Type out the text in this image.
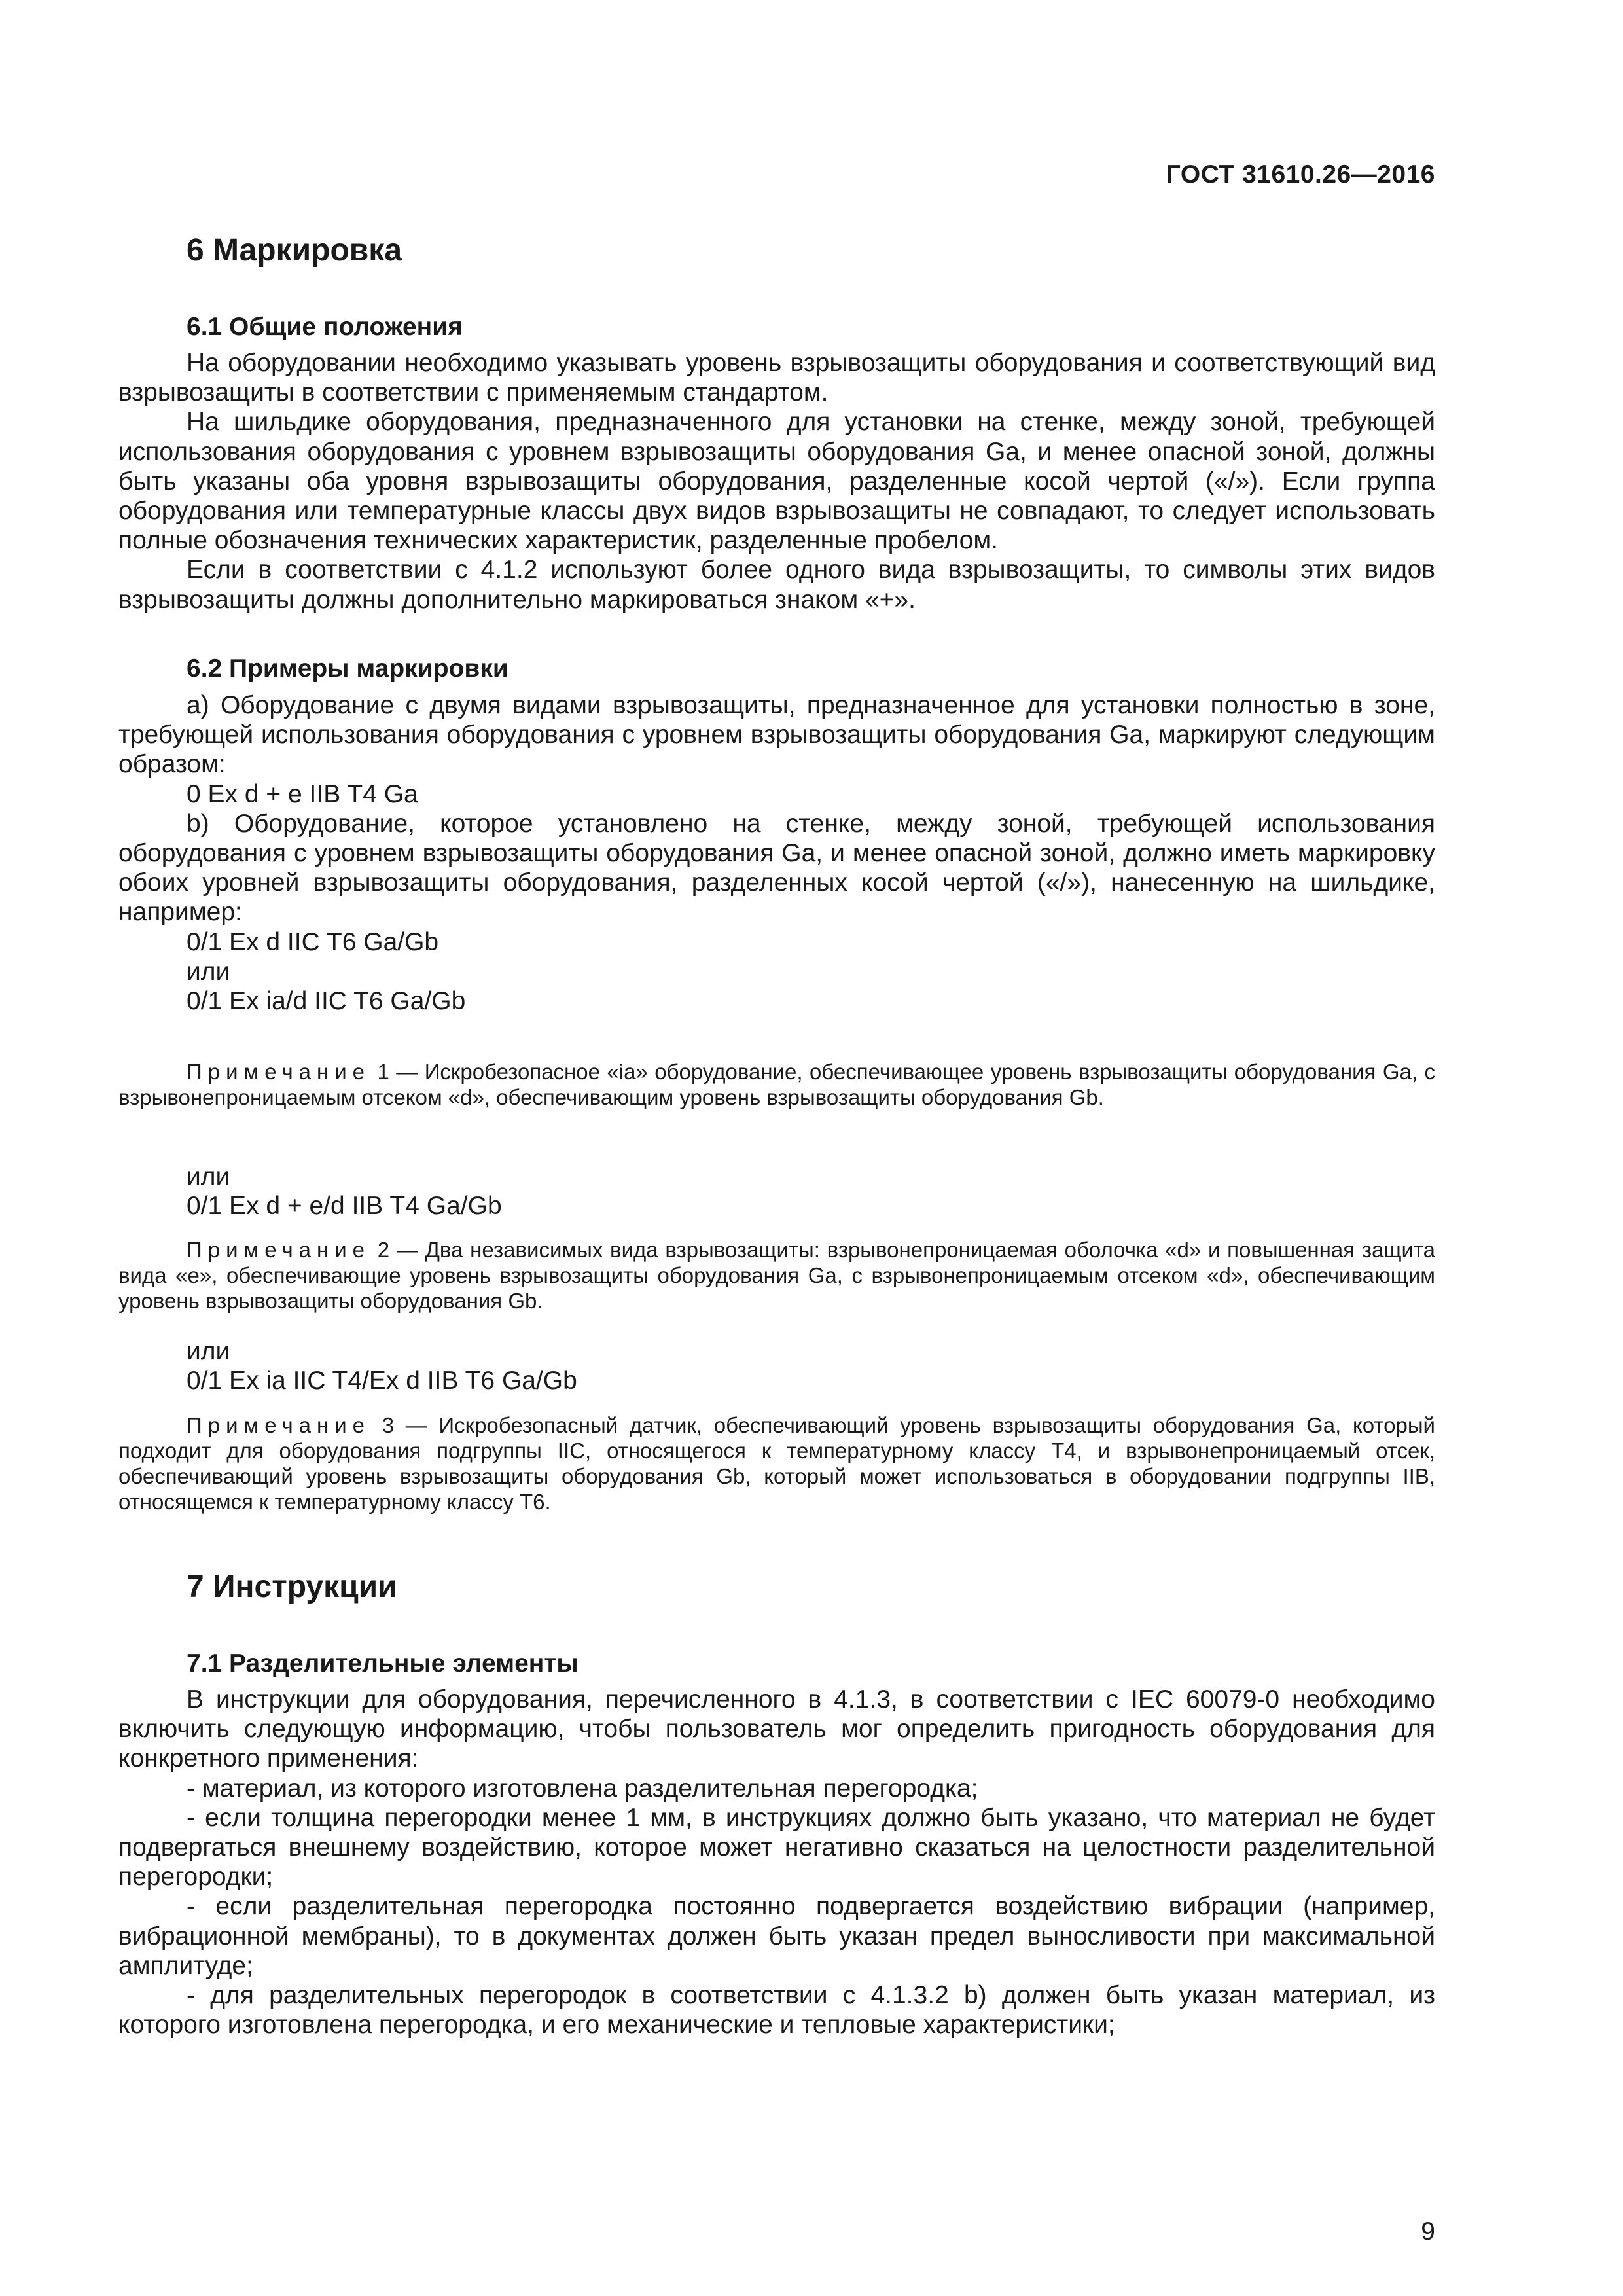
ГОСТ 31610.26—2016
6 Маркировка
6.1 Общие положения

На оборудовании необходимо указывать уровень взрывозащиты оборудования и соответствующий вид взрывозащиты в соответствии с применяемым стандартом.

На шильдике оборудования, предназначенного для установки на стенке, между зоной, требующей использования оборудования с уровнем взрывозащиты оборудования Ga, и менее опасной зоной, должны быть указаны оба уровня взрывозащиты оборудования, разделенные косой чертой («/»). Если группа оборудования или температурные классы двух видов взрывозащиты не совпадают, то следует использовать полные обозначения технических характеристик, разделенные пробелом.

Если в соответствии с 4.1.2 используют более одного вида взрывозащиты, то символы этих видов взрывозащиты должны дополнительно маркироваться знаком «+».

6.2 Примеры маркировки

а) Оборудование с двумя видами взрывозащиты, предназначенное для установки полностью в зоне, требующей использования оборудования с уровнем взрывозащиты оборудования Ga, маркируют следующим образом:

0 Ex d + e IIB T4 Ga

b) Оборудование, которое установлено на стенке, между зоной, требующей использования оборудования с уровнем взрывозащиты оборудования Ga, и менее опасной зоной, должно иметь маркировку обоих уровней взрывозащиты оборудования, разделенных косой чертой («/»), нанесенную на шильдике, например:

0/1 Ex d IIC T6 Ga/Gb

или

0/1 Ex ia/d IIC T6 Ga/Gb

Примечание 1 — Искробезопасное «ia» оборудование, обеспечивающее уровень взрывозащиты оборудования Ga, с взрывонепроницаемым отсеком «d», обеспечивающим уровень взрывозащиты оборудования Gb.

или

0/1 Ex d + e/d IIB T4 Ga/Gb

Примечание 2 — Два независимых вида взрывозащиты: взрывонепроницаемая оболочка «d» и повышенная защита вида «е», обеспечивающие уровень взрывозащиты оборудования Ga, с взрывонепроницаемым отсеком «d», обеспечивающим уровень взрывозащиты оборудования Gb.

или

0/1 Ex ia IIC T4/Ex d IIB T6 Ga/Gb

Примечание 3 — Искробезопасный датчик, обеспечивающий уровень взрывозащиты оборудования Ga, который подходит для оборудования подгруппы IIC, относящегося к температурному классу Т4, и взрывонепроницаемый отсек, обеспечивающий уровень взрывозащиты оборудования Gb, который может использоваться в оборудовании подгруппы IIB, относящемся к температурному классу Т6.

7 Инструкции
7.1 Разделительные элементы

В инструкции для оборудования, перечисленного в 4.1.3, в соответствии с IEC 60079-0 необходимо включить следующую информацию, чтобы пользователь мог определить пригодность оборудования для конкретного применения:

- материал, из которого изготовлена разделительная перегородка;

- если толщина перегородки менее 1 мм, в инструкциях должно быть указано, что материал не будет подвергаться внешнему воздействию, которое может негативно сказаться на целостности разделительной перегородки;

- если разделительная перегородка постоянно подвергается воздействию вибрации (например, вибрационной мембраны), то в документах должен быть указан предел выносливости при максимальной амплитуде;

- для разделительных перегородок в соответствии с 4.1.3.2 b) должен быть указан материал, из которого изготовлена перегородка, и его механические и тепловые характеристики;

9
